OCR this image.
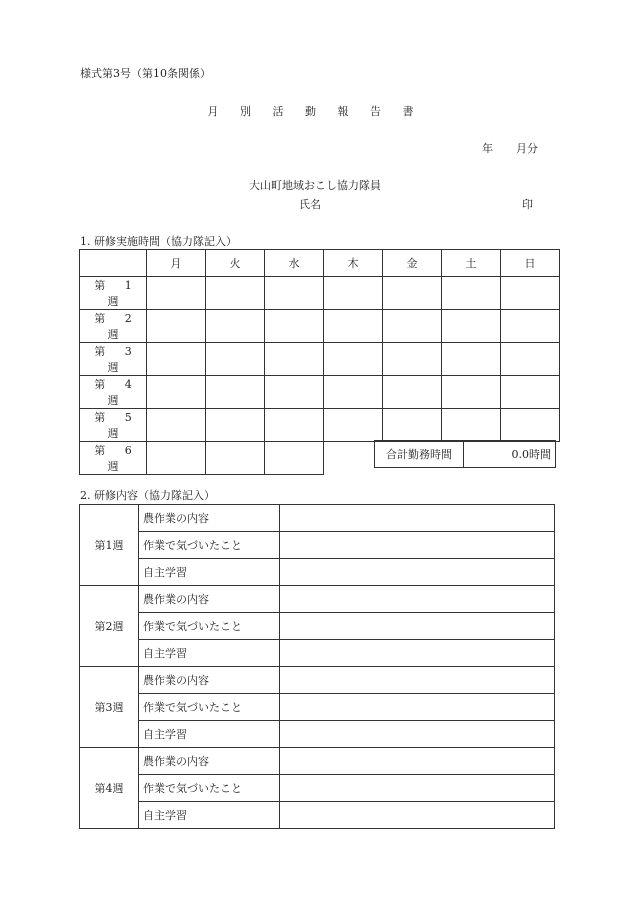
様式第3号（第10条関係）
月 別 活 動 報 告 書
年 月分
大山町地域おこし協力隊員
氏名	印
1. 研修実施時間（協力隊記入）
	月	火	水	木	金	土	日
第 1 週							
第 2 週							
第 3 週							
第 4 週							
第 5 週							
第 6 週							
合計勤務時間	0.0時間
2. 研修内容（協力隊記入）
第1週	農作業の内容	
	作業で気づいたこと	
	自主学習	
第2週	農作業の内容	
	作業で気づいたこと	
	自主学習	
第3週	農作業の内容	
	作業で気づいたこと	
	自主学習	
第4週	農作業の内容	
	作業で気づいたこと	
	自主学習	
